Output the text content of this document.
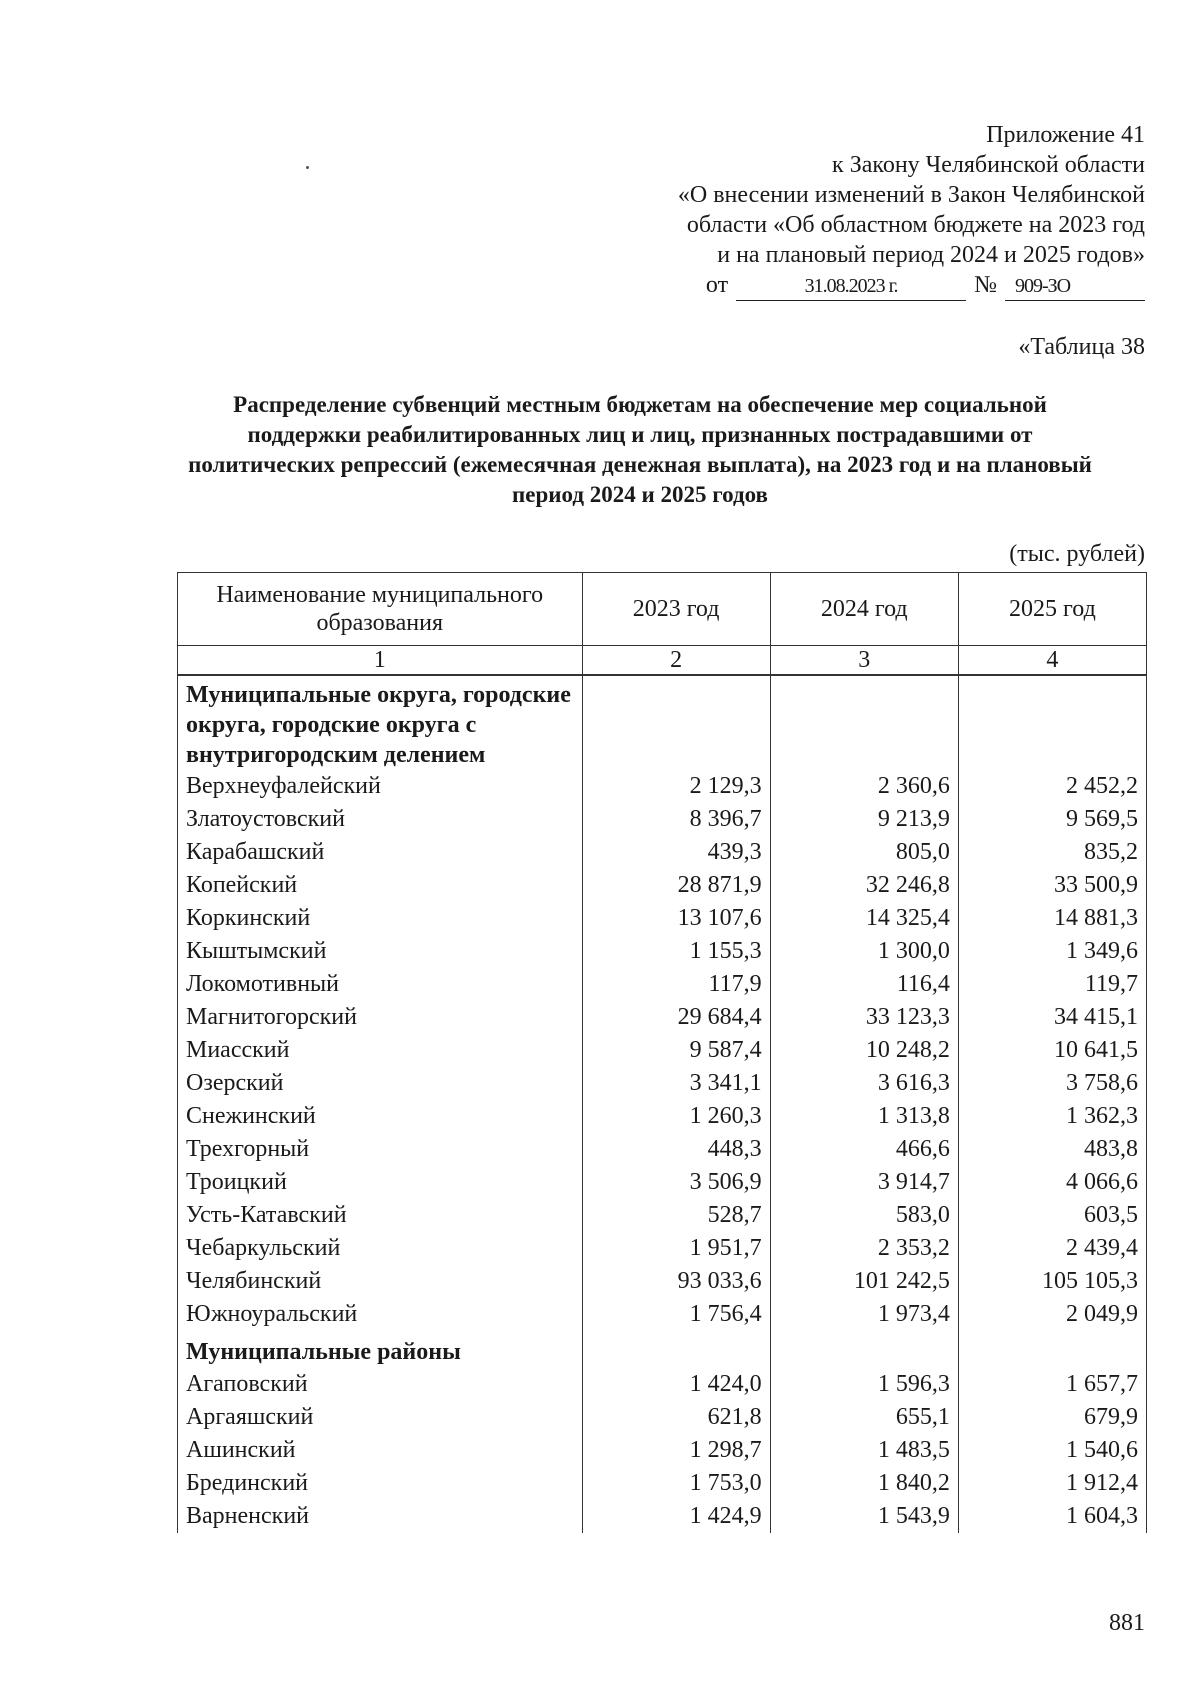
Приложение 41
к Закону Челябинской области
«О внесении изменений в Закон Челябинской
области «Об областном бюджете на 2023 год
и на плановый период 2024 и 2025 годов»
от	31.08.2023 г.	№ 909-ЗО
«Таблица 38
Распределение субвенций местным бюджетам на обеспечение мер социальной поддержки реабилитированных лиц и лиц, признанных пострадавшими от политических репрессий (ежемесячная денежная выплата), на 2023 год и на плановый период 2024 и 2025 годов
(тыс. рублей)
Наименование муниципального образования	2023 год	2024 год	2025 год
1	2	3	4
Муниципальные округа, городские округа, городские округа с внутригородским делением			
Верхнеуфалейский	2 129,3	2 360,6	2 452,2
Златоустовский	8 396,7	9 213,9	9 569,5
Карабашский	439,3	805,0	835,2
Копейский	28 871,9	32 246,8	33 500,9
Коркинский	13 107,6	14 325,4	14 881,3
Кыштымский	1 155,3	1 300,0	1 349,6
Локомотивный	117,9	116,4	119,7
Магнитогорский	29 684,4	33 123,3	34 415,1
Миасский	9 587,4	10 248,2	10 641,5
Озерский	3 341,1	3 616,3	3 758,6
Снежинский	1 260,3	1 313,8	1 362,3
Трехгорный	448,3	466,6	483,8
Троицкий	3 506,9	3 914,7	4 066,6
Усть-Катавский	528,7	583,0	603,5
Чебаркульский	1 951,7	2 353,2	2 439,4
Челябинский	93 033,6	101 242,5	105 105,3
Южноуральский	1 756,4	1 973,4	2 049,9
Муниципальные районы			
Агаповский	1 424,0	1 596,3	1 657,7
Аргаяшский	621,8	655,1	679,9
Ашинский	1 298,7	1 483,5	1 540,6
Брединский	1 753,0	1 840,2	1 912,4
Варненский	1 424,9	1 543,9	1 604,3
881
